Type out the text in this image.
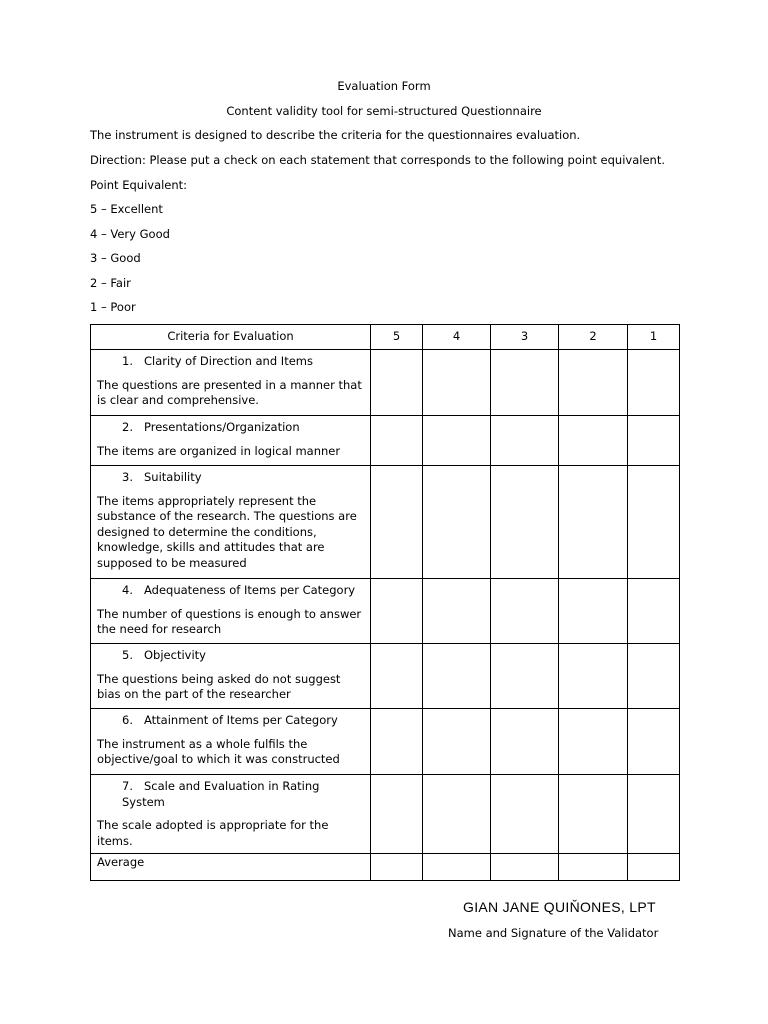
Evaluation Form
Content validity tool for semi-structured Questionnaire
The instrument is designed to describe the criteria for the questionnaires evaluation.
Direction: Please put a check on each statement that corresponds to the following point equivalent.
Point Equivalent:
5 – Excellent
4 – Very Good
3 – Good
2 – Fair
1 – Poor
Criteria for Evaluation	5	4	3	2	1

1. Clarity of Direction and Items
The questions are presented in a manner that is clear and comprehensive.					

2. Presentations/Organization
The items are organized in logical manner					

3. Suitability
The items appropriately represent the substance of the research. The questions are designed to determine the conditions, knowledge, skills and attitudes that are supposed to be measured					

4. Adequateness of Items per Category
The number of questions is enough to answer the need for research					

5. Objectivity
The questions being asked do not suggest bias on the part of the researcher					

6. Attainment of Items per Category
The instrument as a whole fulfils the objective/goal to which it was constructed					

7. Scale and Evaluation in Rating System
The scale adopted is appropriate for the items.					

Average					
GIAN JANE QUIŇONES, LPT
Name and Signature of the Validator
